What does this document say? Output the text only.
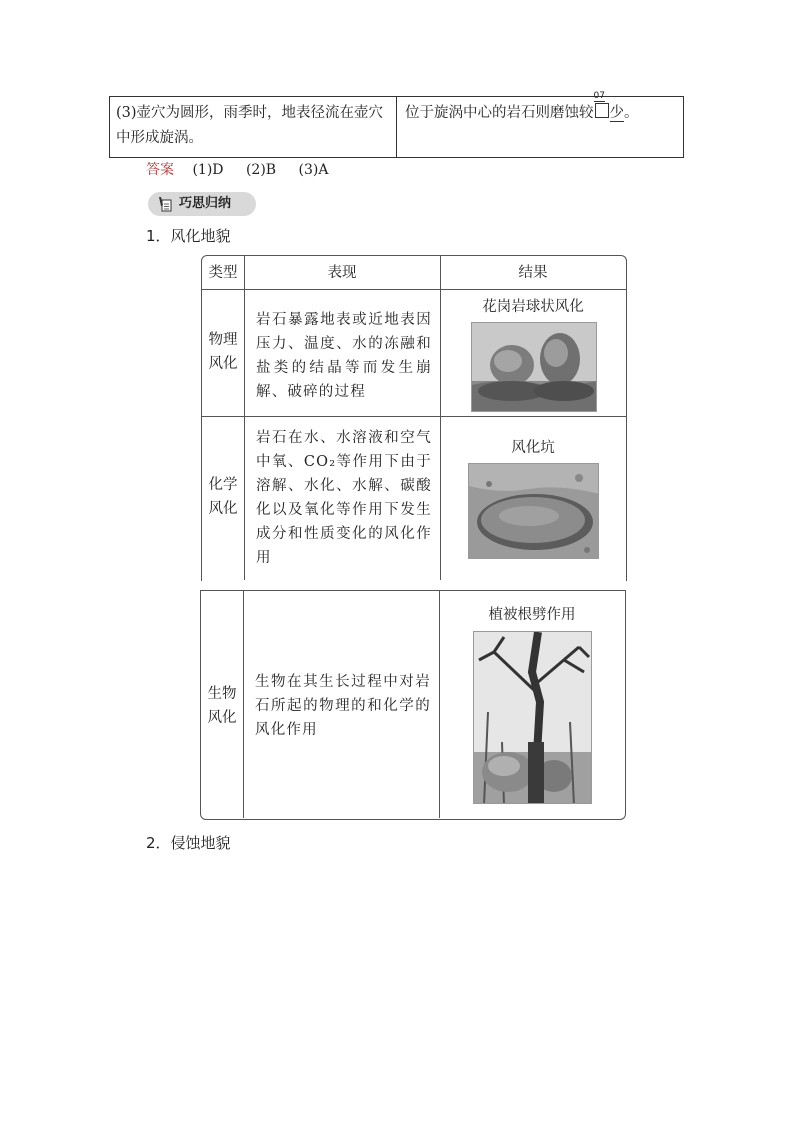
(3)壶穴为圆形，雨季时，地表径流在壶穴中形成旋涡。
位于旋涡中心的岩石则磨蚀较
07
少。
答案 (1)D (2)B (3)A
巧思归纳
1．风化地貌
类型	表现	结果
物理风化
岩石暴露地表或近地表因压力、温度、水的冻融和盐类的结晶等而发生崩解、破碎的过程
花岗岩球状风化
化学风化
岩石在水、水溶液和空气中氧、CO₂等作用下由于溶解、水化、水解、碳酸化以及氧化等作用下发生成分和性质变化的风化作用
风化坑
生物风化
生物在其生长过程中对岩石所起的物理的和化学的风化作用
植被根劈作用
2．侵蚀地貌
